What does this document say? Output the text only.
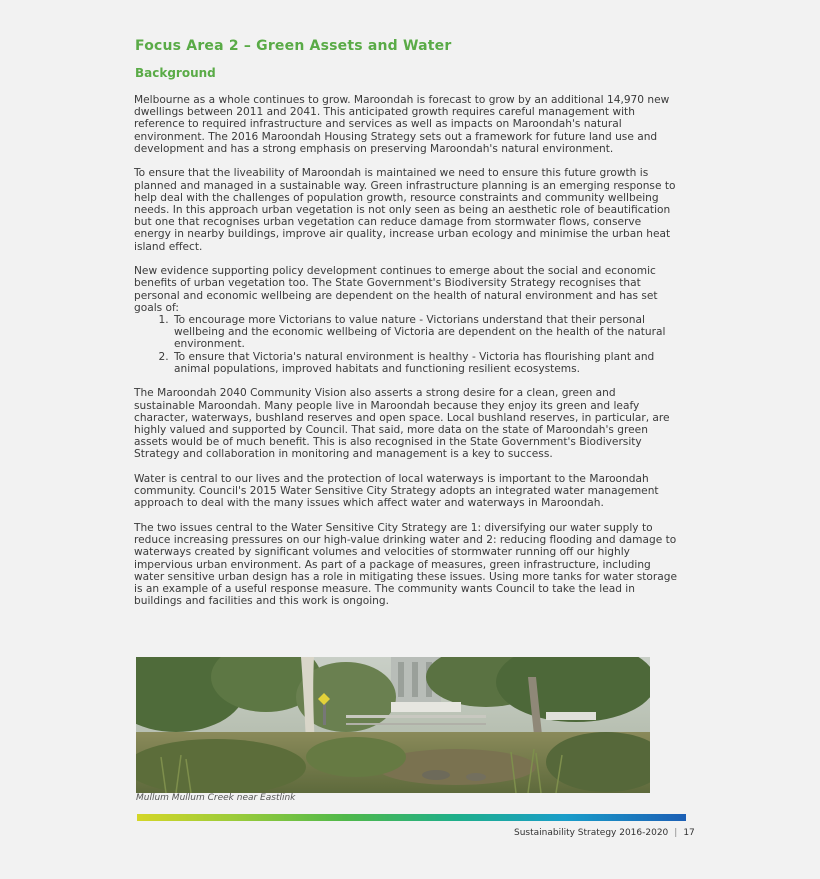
Focus Area 2 – Green Assets and Water
Background

Melbourne as a whole continues to grow. Maroondah is forecast to grow by an additional 14,970 new dwellings between 2011 and 2041. This anticipated growth requires careful management with reference to required infrastructure and services as well as impacts on Maroondah's natural environment. The 2016 Maroondah Housing Strategy sets out a framework for future land use and development and has a strong emphasis on preserving Maroondah's natural environment.

To ensure that the liveability of Maroondah is maintained we need to ensure this future growth is planned and managed in a sustainable way. Green infrastructure planning is an emerging response to help deal with the challenges of population growth, resource constraints and community wellbeing needs. In this approach urban vegetation is not only seen as being an aesthetic role of beautification but one that recognises urban vegetation can reduce damage from stormwater flows, conserve energy in nearby buildings, improve air quality, increase urban ecology and minimise the urban heat island effect.

New evidence supporting policy development continues to emerge about the social and economic benefits of urban vegetation too. The State Government's Biodiversity Strategy recognises that personal and economic wellbeing are dependent on the health of natural environment and has set goals of:

1. To encourage more Victorians to value nature - Victorians understand that their personal wellbeing and the economic wellbeing of Victoria are dependent on the health of the natural environment.
2. To ensure that Victoria's natural environment is healthy - Victoria has flourishing plant and animal populations, improved habitats and functioning resilient ecosystems.

The Maroondah 2040 Community Vision also asserts a strong desire for a clean, green and sustainable Maroondah. Many people live in Maroondah because they enjoy its green and leafy character, waterways, bushland reserves and open space. Local bushland reserves, in particular, are highly valued and supported by Council. That said, more data on the state of Maroondah's green assets would be of much benefit. This is also recognised in the State Government's Biodiversity Strategy and collaboration in monitoring and management is a key to success.

Water is central to our lives and the protection of local waterways is important to the Maroondah community. Council's 2015 Water Sensitive City Strategy adopts an integrated water management approach to deal with the many issues which affect water and waterways in Maroondah.

The two issues central to the Water Sensitive City Strategy are 1: diversifying our water supply to reduce increasing pressures on our high-value drinking water and 2: reducing flooding and damage to waterways created by significant volumes and velocities of stormwater running off our highly impervious urban environment. As part of a package of measures, green infrastructure, including water sensitive urban design has a role in mitigating these issues. Using more tanks for water storage is an example of a useful response measure. The community wants Council to take the lead in buildings and facilities and this work is ongoing.

Mullum Mullum Creek near Eastlink
Sustainability Strategy 2016-2020 | 17
